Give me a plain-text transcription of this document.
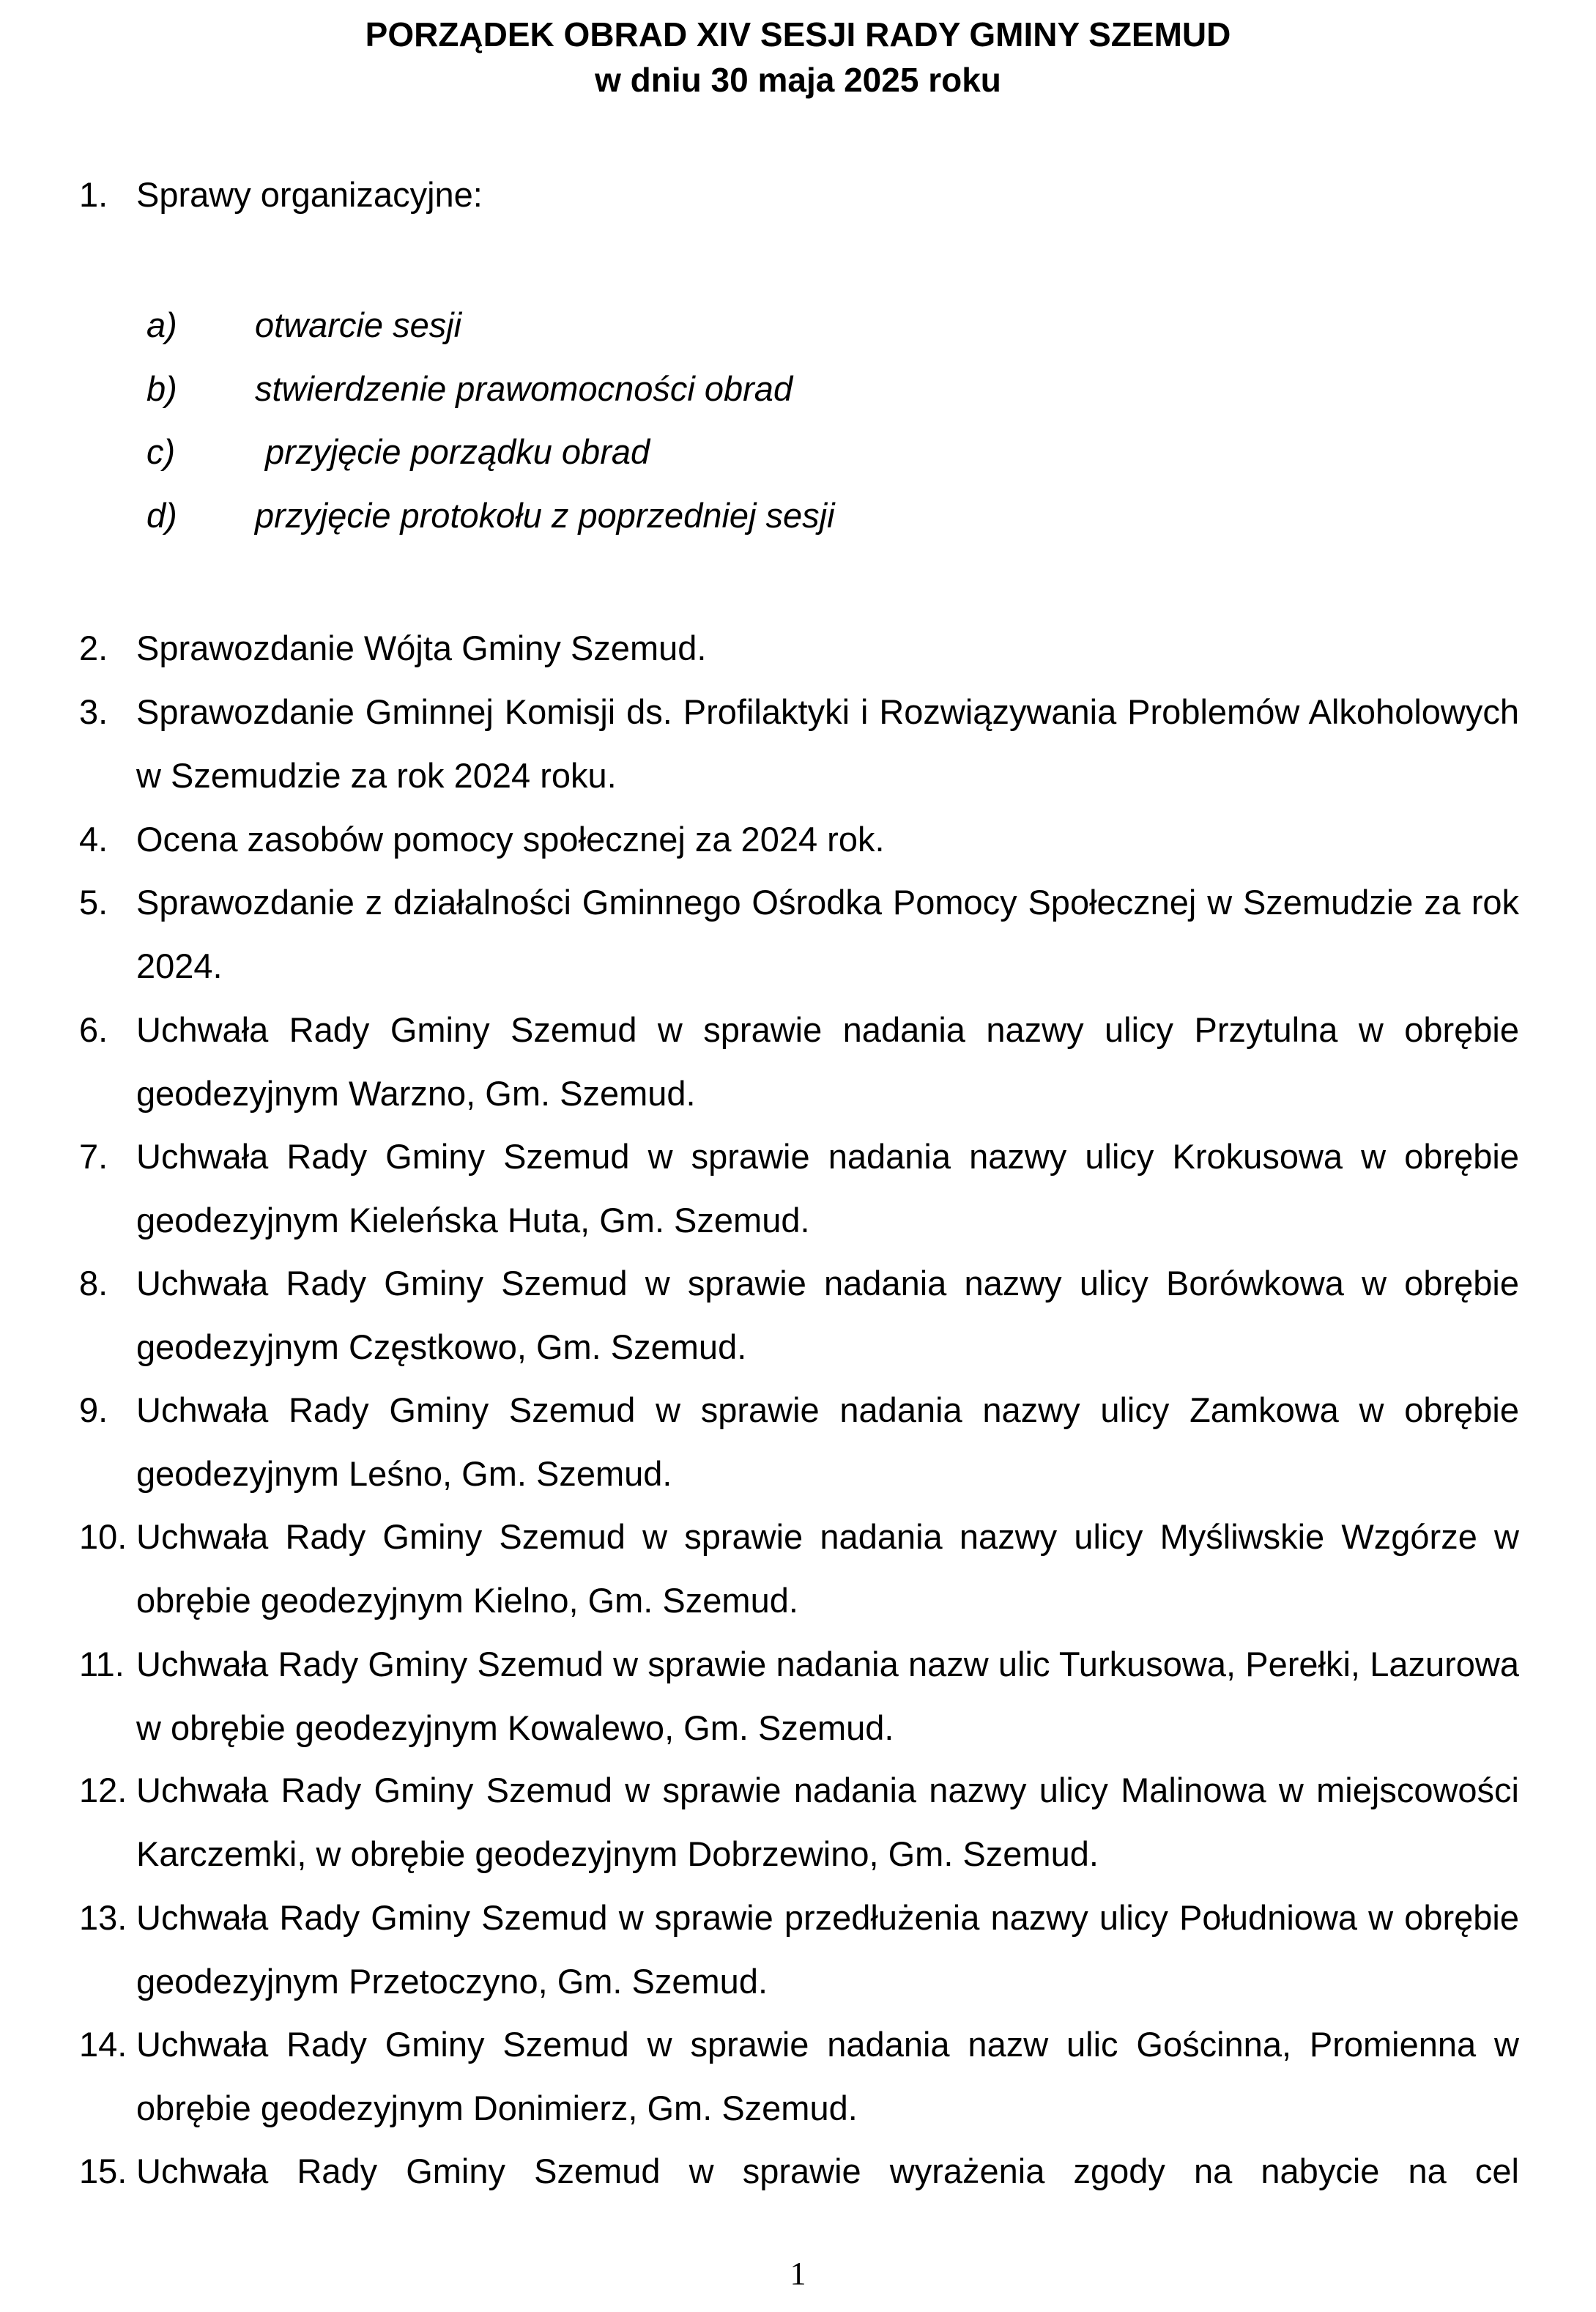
PORZĄDEK OBRAD XIV SESJI RADY GMINY SZEMUD
w dniu 30 maja 2025 roku
1. Sprawy organizacyjne:
a) otwarcie sesji
b) stwierdzenie prawomocności obrad
c)	przyjęcie porządku obrad
d) przyjęcie protokołu z poprzedniej sesji
2. Sprawozdanie Wójta Gminy Szemud.
3. Sprawozdanie Gminnej Komisji ds. Profilaktyki i Rozwiązywania Problemów Alkoholowych w Szemudzie za rok 2024 roku.
4. Ocena zasobów pomocy społecznej za 2024 rok.
5. Sprawozdanie z działalności Gminnego Ośrodka Pomocy Społecznej w Szemudzie za rok 2024.
6. Uchwała Rady Gminy Szemud w sprawie nadania nazwy ulicy Przytulna w obrębie geodezyjnym Warzno, Gm. Szemud.
7. Uchwała Rady Gminy Szemud w sprawie nadania nazwy ulicy Krokusowa w obrębie geodezyjnym Kieleńska Huta, Gm. Szemud.
8. Uchwała Rady Gminy Szemud w sprawie nadania nazwy ulicy Borówkowa w obrębie geodezyjnym Częstkowo, Gm. Szemud.
9. Uchwała Rady Gminy Szemud w sprawie nadania nazwy ulicy Zamkowa w obrębie geodezyjnym Leśno, Gm. Szemud.
10. Uchwała Rady Gminy Szemud w sprawie nadania nazwy ulicy Myśliwskie Wzgórze w obrębie geodezyjnym Kielno, Gm. Szemud.
11. Uchwała Rady Gminy Szemud w sprawie nadania nazw ulic Turkusowa, Perełki, Lazurowa w obrębie geodezyjnym Kowalewo, Gm. Szemud.
12. Uchwała Rady Gminy Szemud w sprawie nadania nazwy ulicy Malinowa w miejscowości Karczemki, w obrębie geodezyjnym Dobrzewino, Gm. Szemud.
13. Uchwała Rady Gminy Szemud w sprawie przedłużenia nazwy ulicy Południowa w obrębie geodezyjnym Przetoczyno, Gm. Szemud.
14. Uchwała Rady Gminy Szemud w sprawie nadania nazw ulic Gościnna, Promienna w obrębie geodezyjnym Donimierz, Gm. Szemud.
15. Uchwała Rady Gminy Szemud w sprawie wyrażenia zgody na nabycie na cel
1
